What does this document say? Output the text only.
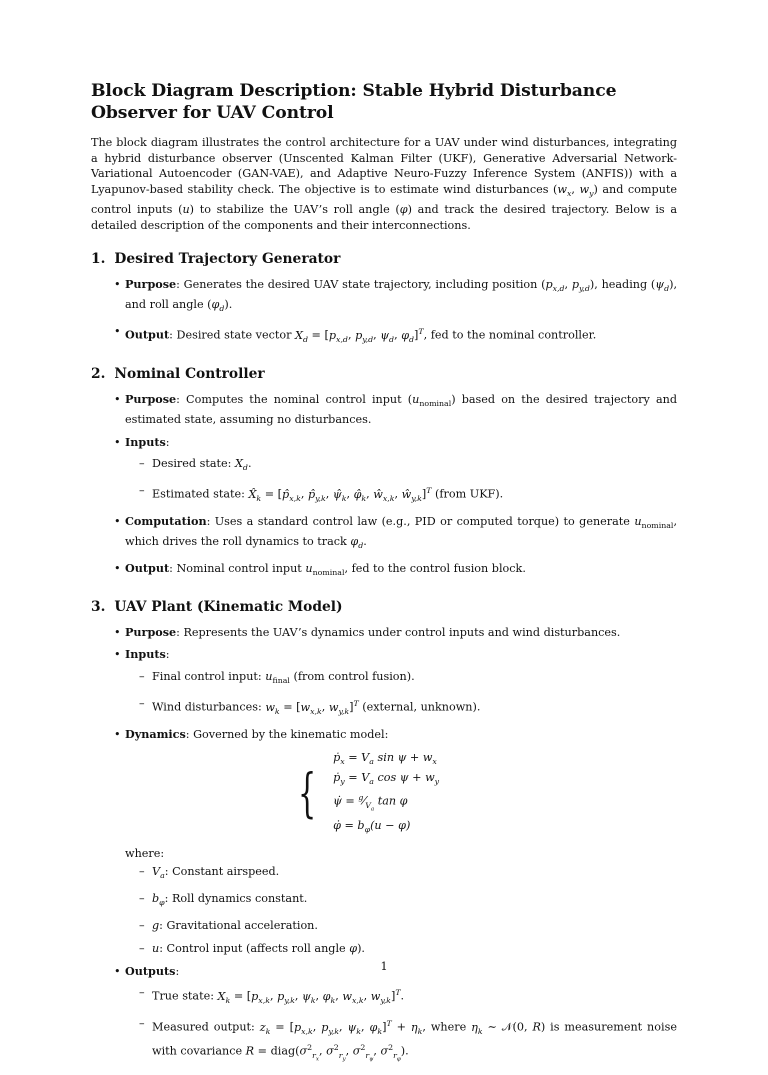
Block Diagram Description: Stable Hybrid Disturbance Observer for UAV Control

The block diagram illustrates the control architecture for a UAV under wind disturbances, integrating a hybrid disturbance observer (Unscented Kalman Filter (UKF), Generative Adversarial Network-Variational Autoencoder (GAN-VAE), and Adaptive Neuro-Fuzzy Inference System (ANFIS)) with a Lyapunov-based stability check. The objective is to estimate wind disturbances ($w_x$, $w_y$) and compute control inputs (u) to stabilize the UAV’s roll angle (φ) and track the desired trajectory. Below is a detailed description of the components and their interconnections.

1. Desired Trajectory Generator
• Purpose: Generates the desired UAV state trajectory, including position ($p_{x,d}$, $p_{y,d}$), heading $(\psi_d)$, and roll angle $(\varphi_d)$.
• Output: Desired state vector $X_d = [p_{x,d}$, $p_{y,d}$, $\psi_d$, $\varphi_d]^T$, fed to the nominal controller.
2. Nominal Controller
• Purpose: Computes the nominal control input $(u_{nominal})$ based on the desired trajectory and estimated state, assuming no disturbances.
• Inputs:
– Desired state: $X_d$.
– Estimated state: $X̂_k$ = [$p̂_{x,k}$, $p̂_{y,k}$, $\psî_k$, $\varphî_k$, $ŵ_{x,k}$, $ŵ_{y,k}]^T$ (from UKF).
• Computation: Uses a standard control law (e.g., PID or computed torque) to generate $u_{nominal}$, which drives the roll dynamics to track $\varphi_d$.
• Output: Nominal control input $u_{nominal}$, fed to the control fusion block.
3. UAV Plant (Kinematic Model)
• Purpose: Represents the UAV’s dynamics under control inputs and wind disturbances.
• Inputs:
– Final control input: $u_{final}$ (from control fusion).
– Wind disturbances: $w_k = [w_{x,k}$, $w_{y,k}]^T$ (external, unknown).
• Dynamics: Governed by the kinematic model:
{
ṗ$_x$ = $V_a$ $\sin \psi + w_x$
ṗ$_y$ = $V_a$ $\cos \psi + w_y$
ψ̇ = $^g⁄_{V_a}$ tan φ
φ̇ = $b_\varphi(u - \varphi)$
where:
– $V_a$: Constant airspeed.
– $b_\varphi$: Roll dynamics constant.
– g: Gravitational acceleration.
– u: Control input (affects roll angle φ).
• Outputs:
– True state: $X_k = [p_{x,k}$, $p_{y,k}$, $\psi_k$, $\varphi_k$, $w_{x,k}$, $w_{y,k}]^T$.
– Measured output: $z_k = [p_{x,k}$, $p_{y,k}$, $\psi_k$, $\varphi_k]^T + \eta_k$, where $\eta_k$ ∼ 𝒩(0, R) is measurement noise with covariance $R = diag(\sigma^2_{r_x}$, $\sigma^2_{r_y}$, $\sigma^2_{r_\psi}$, $\sigma^2_{r_\varphi}$).
1
